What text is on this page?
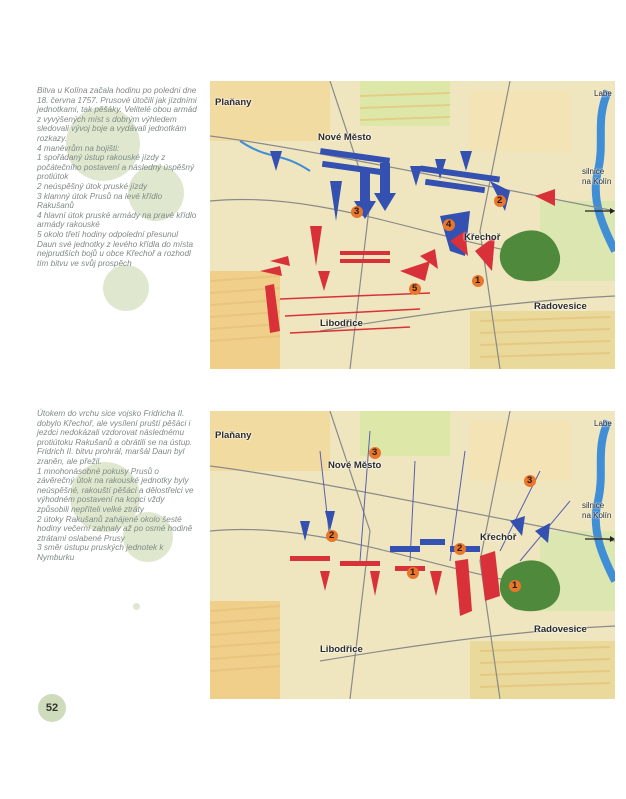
Bitva u Kolína začala hodinu po poledni dne 18. června 1757. Prusové útočili jak jízdními jednotkami, tak pěšáky. Velitelé obou armád z vyvýšených míst s dobrým výhledem sledovali vývoj boje a vydávali jednotkám rozkazy.
4 manévrům na bojišti:
1 spořádaný ústup rakouské jízdy z počátečního postavení a následný úspěšný protiútok
2 neúspěšný útok pruské jízdy
3 klamný útok Prusů na levé křídlo Rakušanů
4 hlavní útok pruské armády na pravé křídlo armády rakouské
5 okolo třetí hodiny odpolední přesunul Daun své jednotky z levého křídla do místa nejprudších bojů u obce Křechoř a rozhodl tím bitvu ve svůj prospěch
Útokem do vrchu sice vojsko Fridricha II. dobylo Křechoř, ale vysílení pruští pěšáci i jezdci nedokázali vzdorovat následnému protiútoku Rakušanů a obrátili se na ústup. Fridrich II. bitvu prohrál, maršál Daun byl zraněn, ale přežil.
1 mnohonásobné pokusy Prusů o závěrečný útok na rakouské jednotky byly neúspěšné, rakouští pěšáci a dělostřelci ve výhodném postavení na kopci vždy způsobili nepříteli velké ztráty
2 útoky Rakušanů zahájené okolo šesté hodiny večerní zahnaly až po osmé hodině ztrátami oslabené Prusy
3 směr ústupu pruských jednotek k Nymburku
3
4
2
1
5
Plaňany
Nové Město
Labe
silnice
na Kolín
Křechoř
Radovesice
Libodřice
2
2
1
1
3
3
Plaňany
Nové Město
Labe
silnice
na Kolín
Křechoř
Radovesice
Libodřice
52
